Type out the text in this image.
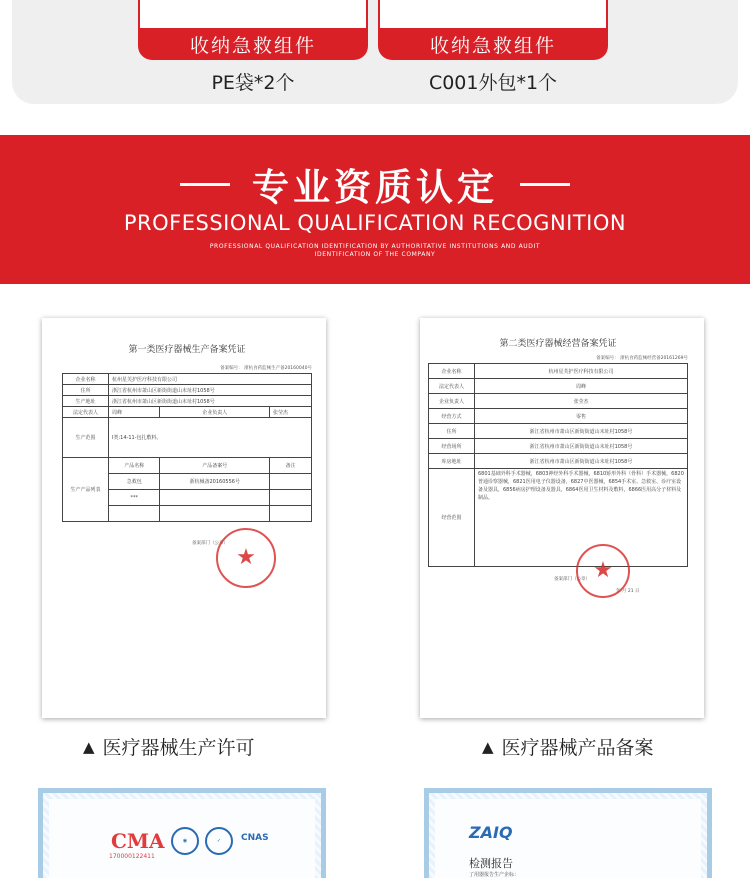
收纳急救组件
PE袋*2个
收纳急救组件
C001外包*1个
专业资质认定
PROFESSIONAL QUALIFICATION RECOGNITION
PROFESSIONAL QUALIFICATION IDENTIFICATION BY AUTHORITATIVE INSTITUTIONS AND AUDIT IDENTIFICATION OF THE COMPANY
第一类医疗器械生产备案凭证
备案编号： 浙杭食药监械生产备20160040号
企业名称	杭州星芙护医疗科技有限公司		
住所	浙江省杭州市萧山区新街街道山末址村1058号		
生产地址	浙江省杭州市萧山区新街街道山末址村1058号		
法定代表人	周峰	企业负责人	张莹杰
生产范围	I类:14-11-包扎敷料。		
生产产品列表	产品名称	产品备案号	备注
	急救包	浙杭械备20160556号	
	***		

备案部门（公章）
★
第二类医疗器械经营备案凭证
备案编号： 浙杭食药监械经营备20161269号
企业名称	杭州星芙护医疗科技有限公司
法定代表人	周峰
企业负责人	张莹杰
经营方式	零售
住所	浙江省杭州市萧山区新街街道山末址村1058号
经营场所	浙江省杭州市萧山区新街街道山末址村1058号
库房地址	浙江省杭州市萧山区新街街道山末址村1058号
经营范围	6801基础外科手术器械，6803神经外科手术器械，6810矫形外科（骨科）手术器械，6820普通诊察器械，6821医用电子仪器设备，6827中医器械，6854手术室、急救室、诊疗室设备及器具，6856病房护理设备及器具，6864医用卫生材料及敷料，6866医用高分子材料及制品。
备案部门（公章）
年 月 21 日
★
▲ 医疗器械生产许可	▲ 医疗器械产品备案
CMA
170000122411
◉	✓	CNAS	ZAIQ
检测报告
了用器报告生产企标：
